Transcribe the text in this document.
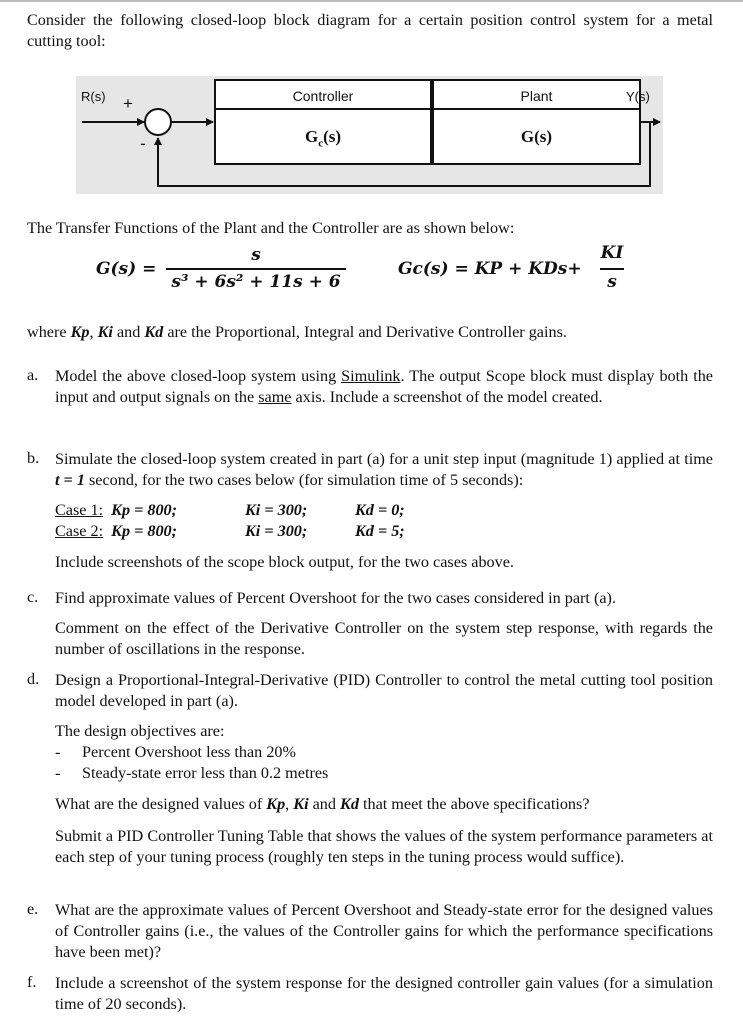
Consider the following closed-loop block diagram for a certain position control system for a metal cutting tool:
R(s) +
-
Controller
$G_c(s)$
Plant
G(s)
Y(s)
The Transfer Functions of the Plant and the Controller are as shown below:
G(s) =
s
s³ + 6s² + 11s + 6
Gc(s) = KP + KDs+
KI
s
where Kp, Ki and Kd are the Proportional, Integral and Derivative Controller gains.
a.	Model the above closed-loop system using Simulink. The output Scope block must display both the input and output signals on the same axis. Include a screenshot of the model created.
b. Simulate the closed-loop system created in part (a) for a unit step input (magnitude 1) applied at time t = 1 second, for the two cases below (for simulation time of 5 seconds):
Case 1: Kp = 800;	Ki = 300;	Kd = 0;
Case 2: Kp = 800;	Ki = 300;	Kd = 5;
Include screenshots of the scope block output, for the two cases above.
c.	Find approximate values of Percent Overshoot for the two cases considered in part (a).
Comment on the effect of the Derivative Controller on the system step response, with regards the number of oscillations in the response.
d. Design a Proportional-Integral-Derivative (PID) Controller to control the metal cutting tool position model developed in part (a).
The design objectives are:
- Percent Overshoot less than 20%
- Steady-state error less than 0.2 metres
What are the designed values of Kp, Ki and Kd that meet the above specifications?
Submit a PID Controller Tuning Table that shows the values of the system performance parameters at each step of your tuning process (roughly ten steps in the tuning process would suffice).
e.	What are the approximate values of Percent Overshoot and Steady-state error for the designed values of Controller gains (i.e., the values of the Controller gains for which the performance specifications have been met)?
f.	Include a screenshot of the system response for the designed controller gain values (for a simulation time of 20 seconds).
